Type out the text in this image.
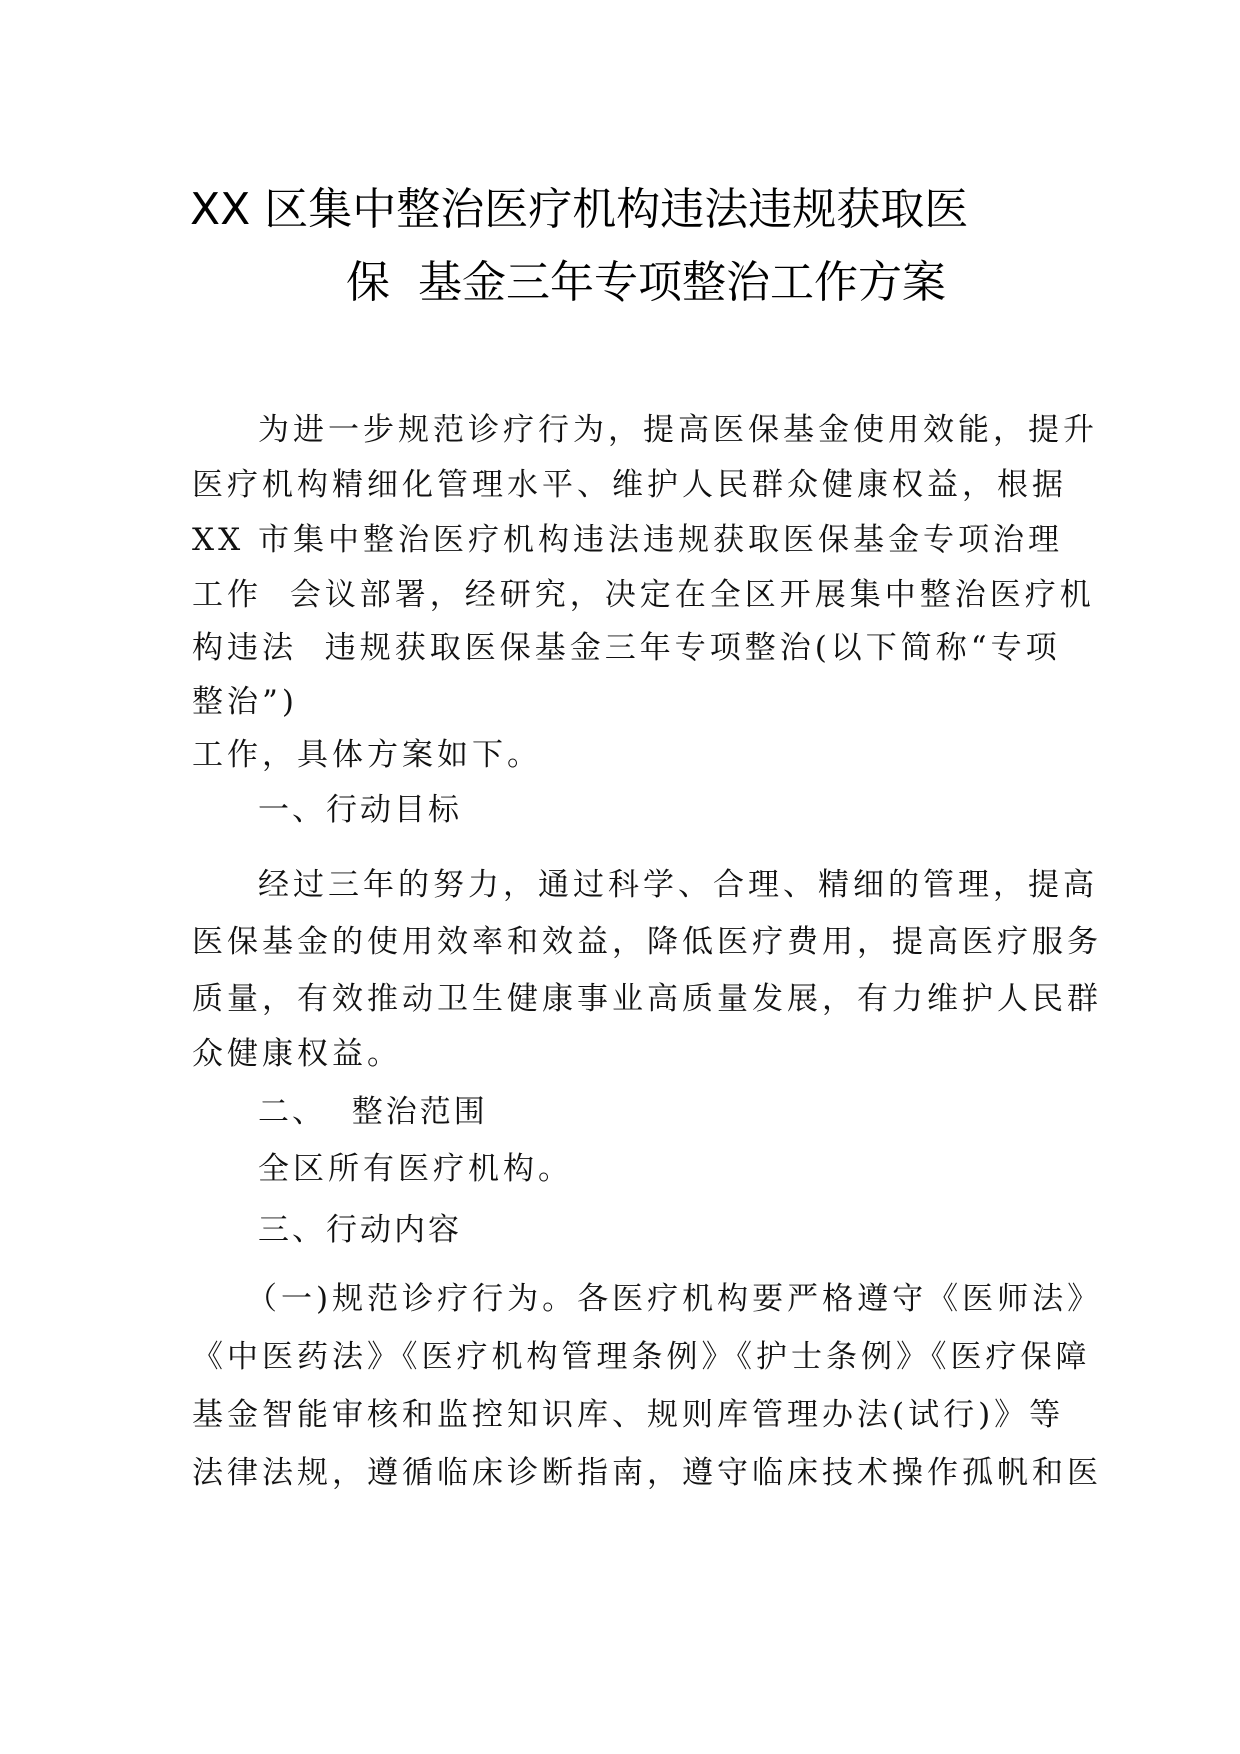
XX 区集中整治医疗机构违法违规获取医
保  基金三年专项整治工作方案
为进一步规范诊疗行为，提高医保基金使用效能，提升
医疗机构精细化管理水平、维护人民群众健康权益，根据
XX 市集中整治医疗机构违法违规获取医保基金专项治理
工作  会议部署，经研究，决定在全区开展集中整治医疗机
构违法  违规获取医保基金三年专项整治(以下简称“专项
整治”)
工作，具体方案如下。
一、行动目标
经过三年的努力，通过科学、合理、精细的管理，提高
医保基金的使用效率和效益，降低医疗费用，提高医疗服务
质量，有效推动卫生健康事业高质量发展，有力维护人民群
众健康权益。
二、  整治范围
全区所有医疗机构。
三、行动内容
（一)规范诊疗行为。各医疗机构要严格遵守《医师法》
《中医药法》《医疗机构管理条例》《护士条例》《医疗保障
基金智能审核和监控知识库、规则库管理办法(试行)》等
法律法规，遵循临床诊断指南，遵守临床技术操作孤帆和医
